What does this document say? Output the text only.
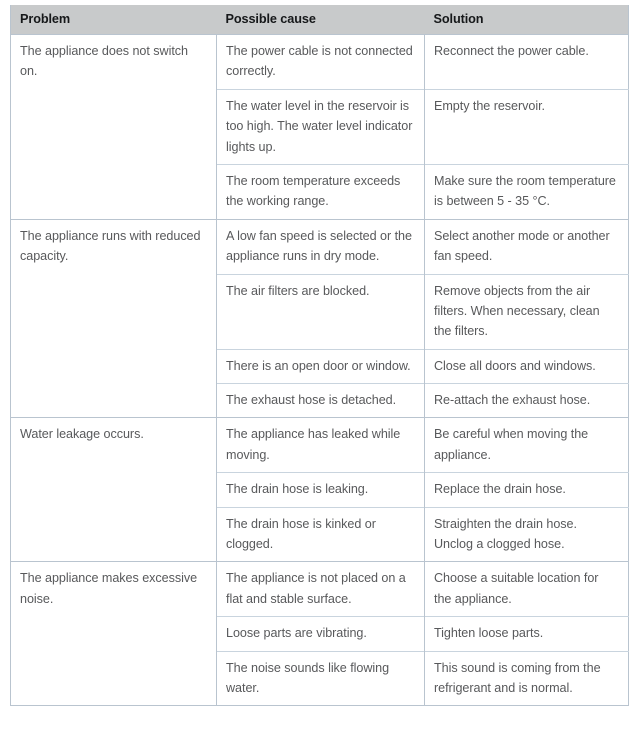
Problem	Possible cause	Solution
The appliance does not switch on.	The power cable is not connected correctly.	Reconnect the power cable.
	The water level in the reservoir is too high. The water level indicator lights up.	Empty the reservoir.
	The room temperature exceeds the working range.	Make sure the room temperature is between 5 - 35 °C.
The appliance runs with reduced capacity.	A low fan speed is selected or the appliance runs in dry mode.	Select another mode or another fan speed.
	The air filters are blocked.	Remove objects from the air filters. When necessary, clean the filters.
	There is an open door or window.	Close all doors and windows.
	The exhaust hose is detached.	Re-attach the exhaust hose.
Water leakage occurs.	The appliance has leaked while moving.	Be careful when moving the appliance.
	The drain hose is leaking.	Replace the drain hose.
	The drain hose is kinked or clogged.	Straighten the drain hose. Unclog a clogged hose.
The appliance makes excessive noise.	The appliance is not placed on a flat and stable surface.	Choose a suitable location for the appliance.
	Loose parts are vibrating.	Tighten loose parts.
	The noise sounds like flowing water.	This sound is coming from the refrigerant and is normal.
